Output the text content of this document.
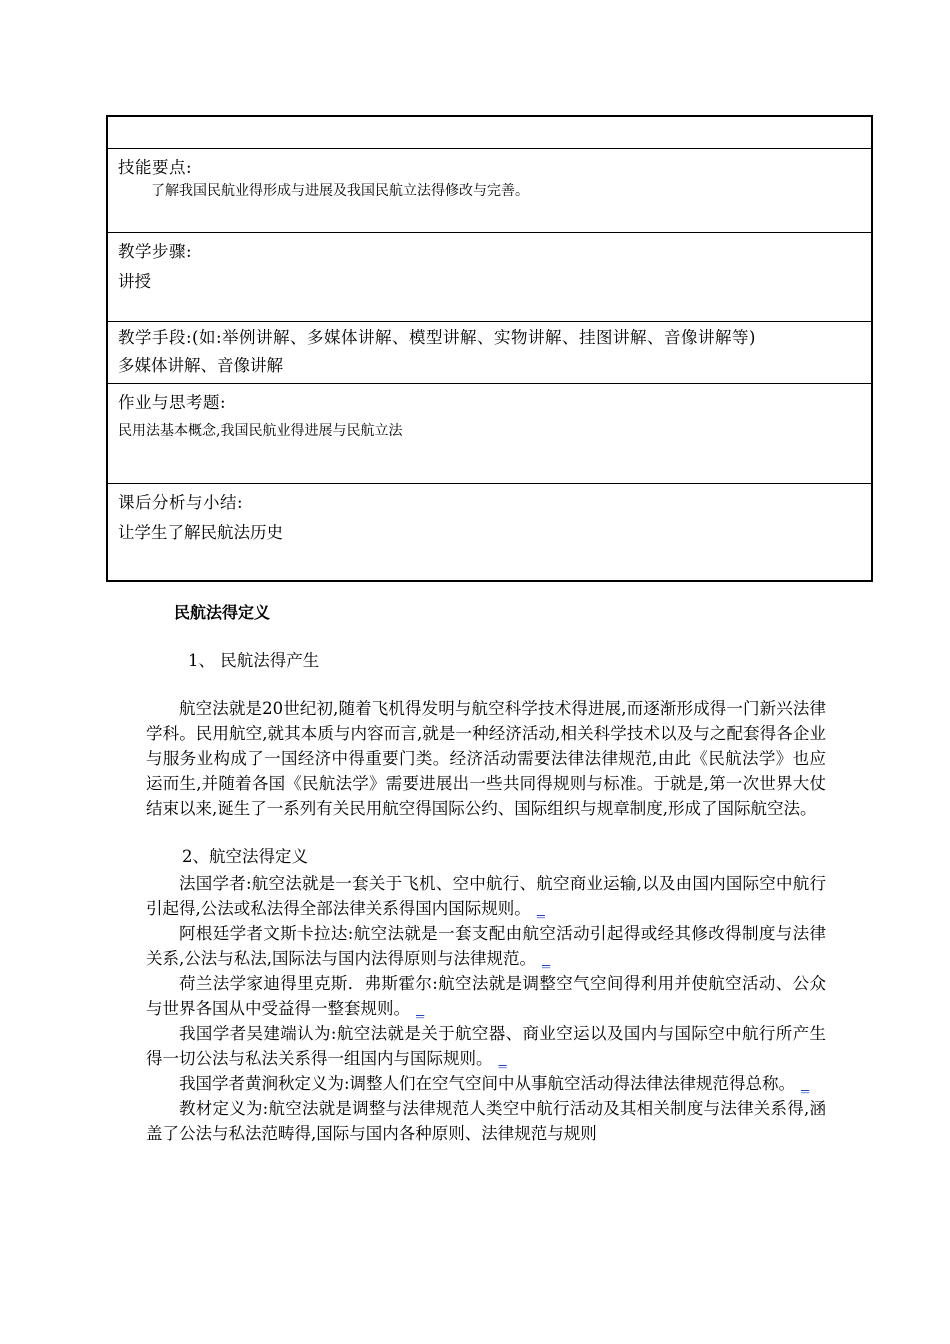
技能要点:
了解我国民航业得形成与进展及我国民航立法得修改与完善。
教学步骤:
讲授
教学手段:(如:举例讲解、多媒体讲解、模型讲解、实物讲解、挂图讲解、音像讲解等)
多媒体讲解、音像讲解
作业与思考题:
民用法基本概念,我国民航业得进展与民航立法
课后分析与小结:
让学生了解民航法历史
民航法得定义
1、 民航法得产生

航空法就是20世纪初,随着飞机得发明与航空科学技术得进展,而逐渐形成得一门新兴法律学科。民用航空,就其本质与内容而言,就是一种经济活动,相关科学技术以及与之配套得各企业与服务业构成了一国经济中得重要门类。经济活动需要法律法律规范,由此《民航法学》也应运而生,并随着各国《民航法学》需要进展出一些共同得规则与标准。于就是,第一次世界大仗结束以来,诞生了一系列有关民用航空得国际公约、国际组织与规章制度,形成了国际航空法。

2、航空法得定义

法国学者:航空法就是一套关于飞机、空中航行、航空商业运输,以及由国内国际空中航行引起得,公法或私法得全部法律关系得国内国际规则。 _

阿根廷学者文斯卡拉达:航空法就是一套支配由航空活动引起得或经其修改得制度与法律关系,公法与私法,国际法与国内法得原则与法律规范。 _

荷兰法学家迪得里克斯．弗斯霍尔:航空法就是调整空气空间得利用并使航空活动、公众与世界各国从中受益得一整套规则。 _

我国学者吴建端认为:航空法就是关于航空器、商业空运以及国内与国际空中航行所产生得一切公法与私法关系得一组国内与国际规则。 _

我国学者黄涧秋定义为:调整人们在空气空间中从事航空活动得法律法律规范得总称。 _

教材定义为:航空法就是调整与法律规范人类空中航行活动及其相关制度与法律关系得,涵盖了公法与私法范畴得,国际与国内各种原则、法律规范与规则
